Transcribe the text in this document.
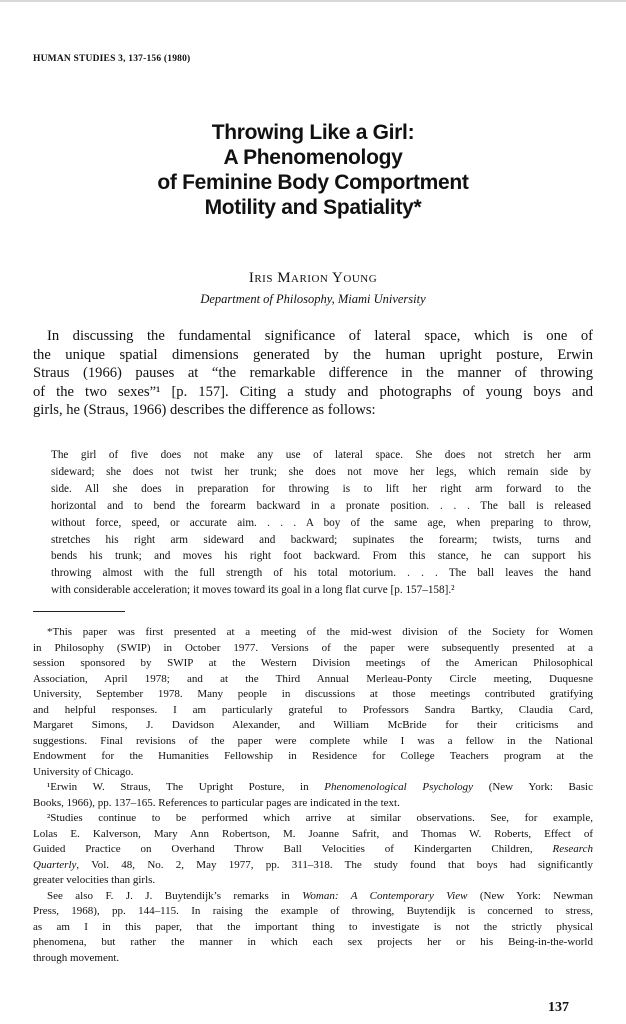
HUMAN STUDIES 3, 137-156 (1980)
Throwing Like a Girl:
A Phenomenology
of Feminine Body Comportment
Motility and Spatiality*
Iris Marion Young
Department of Philosophy, Miami University
In discussing the fundamental significance of lateral space, which is one of
the unique spatial dimensions generated by the human upright posture, Erwin
Straus (1966) pauses at “the remarkable difference in the manner of throwing
of the two sexes”¹ [p. 157]. Citing a study and photographs of young boys and
girls, he (Straus, 1966) describes the difference as follows:
The girl of five does not make any use of lateral space. She does not stretch her arm
sideward; she does not twist her trunk; she does not move her legs, which remain side by
side. All she does in preparation for throwing is to lift her right arm forward to the
horizontal and to bend the forearm backward in a pronate position. . . . The ball is released
without force, speed, or accurate aim. . . . A boy of the same age, when preparing to throw,
stretches his right arm sideward and backward; supinates the forearm; twists, turns and
bends his trunk; and moves his right foot backward. From this stance, he can support his
throwing almost with the full strength of his total motorium. . . . The ball leaves the hand
with considerable acceleration; it moves toward its goal in a long flat curve [p. 157–158].²

*This paper was first presented at a meeting of the mid-west division of the Society for Women
in Philosophy (SWIP) in October 1977. Versions of the paper were subsequently presented at a
session sponsored by SWIP at the Western Division meetings of the American Philosophical
Association, April 1978; and at the Third Annual Merleau-Ponty Circle meeting, Duquesne
University, September 1978. Many people in discussions at those meetings contributed gratifying
and helpful responses. I am particularly grateful to Professors Sandra Bartky, Claudia Card,
Margaret Simons, J. Davidson Alexander, and William McBride for their criticisms and
suggestions. Final revisions of the paper were complete while I was a fellow in the National
Endowment for the Humanities Fellowship in Residence for College Teachers program at the
University of Chicago.

¹Erwin W. Straus, The Upright Posture, in Phenomenological Psychology (New York: Basic
Books, 1966), pp. 137–165. References to particular pages are indicated in the text.

²Studies continue to be performed which arrive at similar observations. See, for example,
Lolas E. Kalverson, Mary Ann Robertson, M. Joanne Safrit, and Thomas W. Roberts, Effect of
Guided Practice on Overhand Throw Ball Velocities of Kindergarten Children, Research
Quarterly, Vol. 48, No. 2, May 1977, pp. 311–318. The study found that boys had significantly
greater velocities than girls.

See also F. J. J. Buytendijk’s remarks in Woman: A Contemporary View (New York: Newman
Press, 1968), pp. 144–115. In raising the example of throwing, Buytendijk is concerned to stress,
as am I in this paper, that the important thing to investigate is not the strictly physical
phenomena, but rather the manner in which each sex projects her or his Being-in-the-world
through movement.

137
